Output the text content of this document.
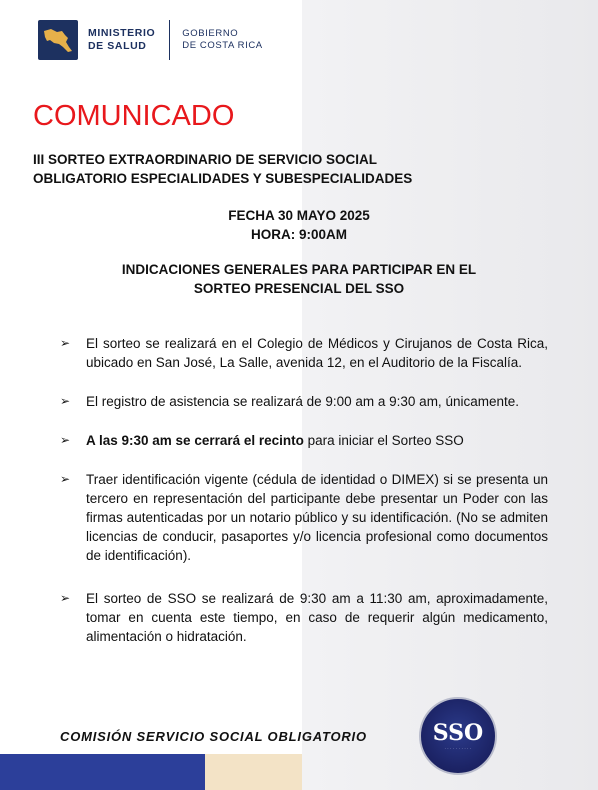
MINISTERIO
DE SALUD
GOBIERNO
DE COSTA RICA
COMUNICADO
III SORTEO EXTRAORDINARIO DE SERVICIO SOCIAL
OBLIGATORIO ESPECIALIDADES Y SUBESPECIALIDADES
FECHA 30 MAYO 2025
HORA: 9:00AM
INDICACIONES GENERALES PARA PARTICIPAR EN EL
SORTEO PRESENCIAL DEL SSO
➢	El sorteo se realizará en el Colegio de Médicos y Cirujanos de Costa Rica, ubicado en San José, La Salle, avenida 12, en el Auditorio de la Fiscalía.
➢	El registro de asistencia se realizará de 9:00 am a 9:30 am, únicamente.
➢	A las 9:30 am se cerrará el recinto para iniciar el Sorteo SSO
➢	Traer identificación vigente (cédula de identidad o DIMEX) si se presenta un tercero en representación del participante debe presentar un Poder con las firmas autenticadas por un notario público y su identificación. (No se admiten licencias de conducir, pasaportes y/o licencia profesional como documentos de identificación).
➢	El sorteo de SSO se realizará de 9:30 am a 11:30 am, aproximadamente, tomar en cuenta este tiempo, en caso de requerir algún medicamento, alimentación o hidratación.
COMISIÓN SERVICIO SOCIAL OBLIGATORIO	SSO
· · · · · · · · · ·
